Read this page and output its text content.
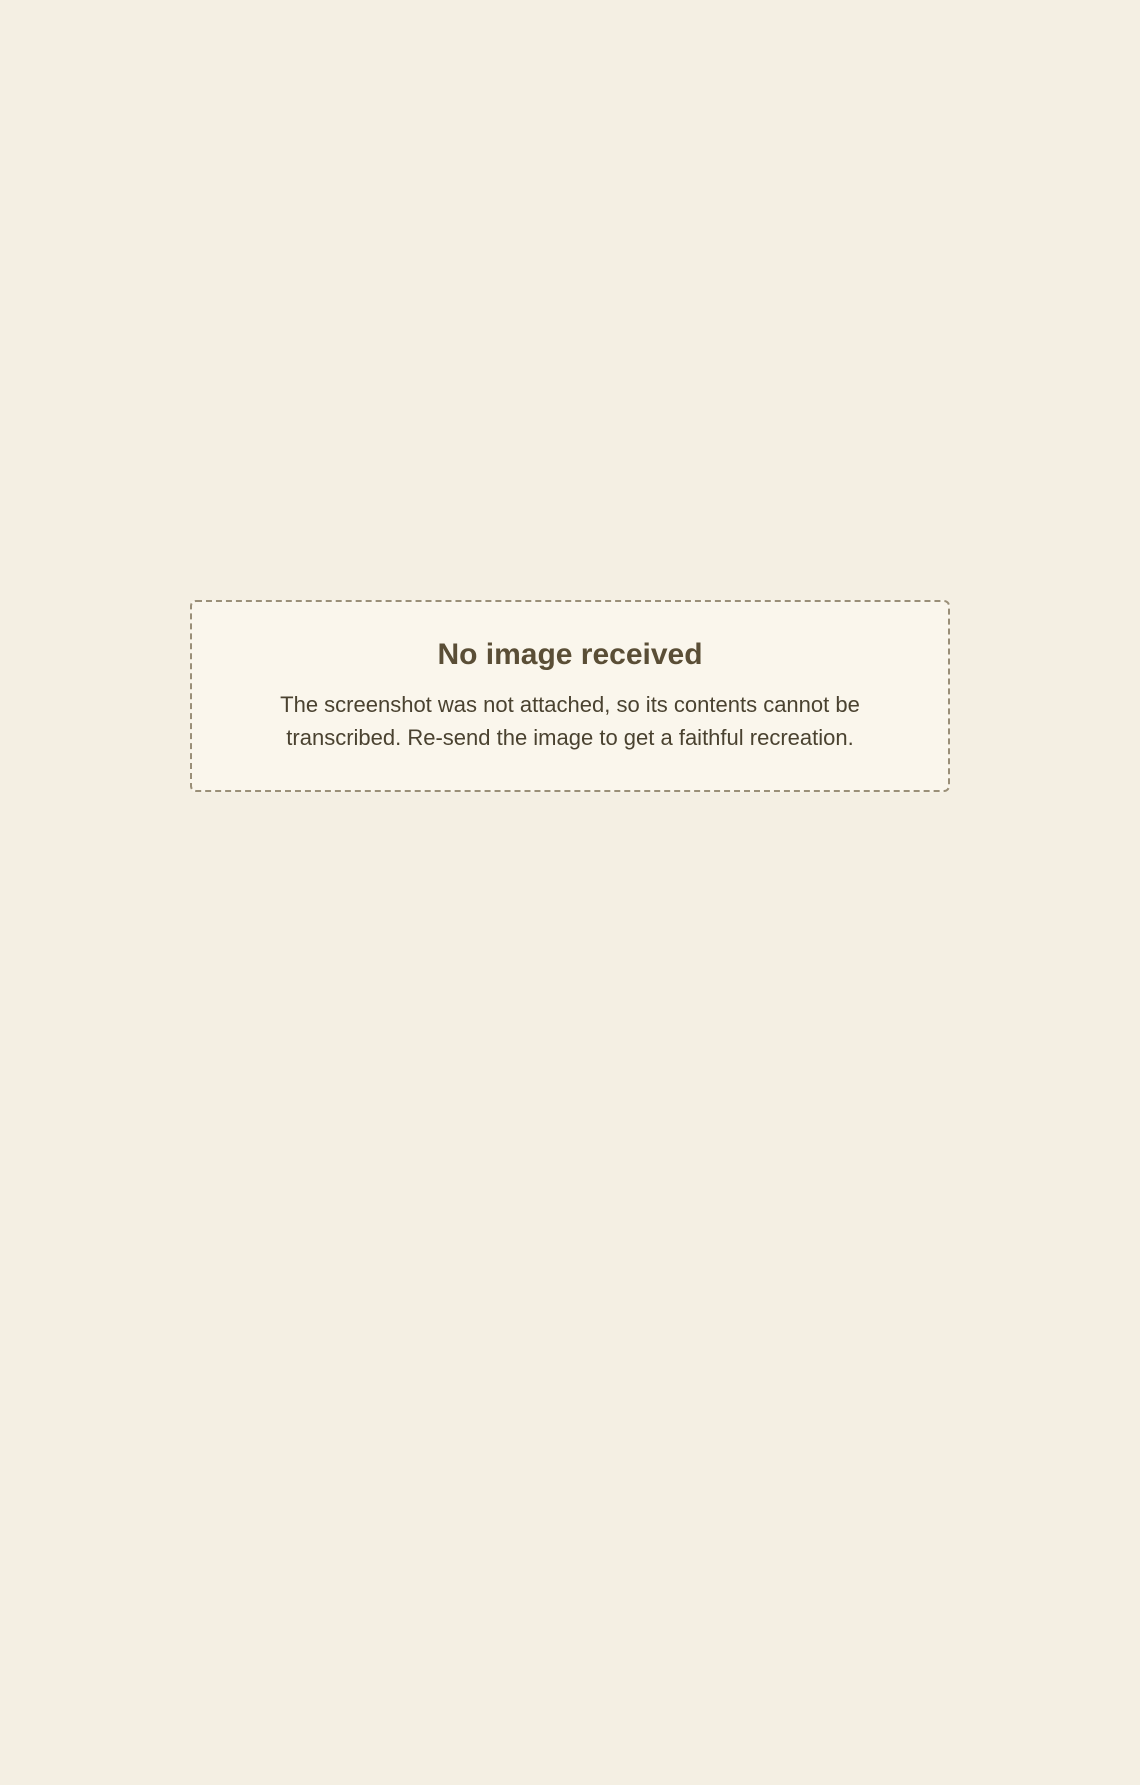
No image received
The screenshot was not attached, so its contents cannot be transcribed. Re-send the image to get a faithful recreation.
